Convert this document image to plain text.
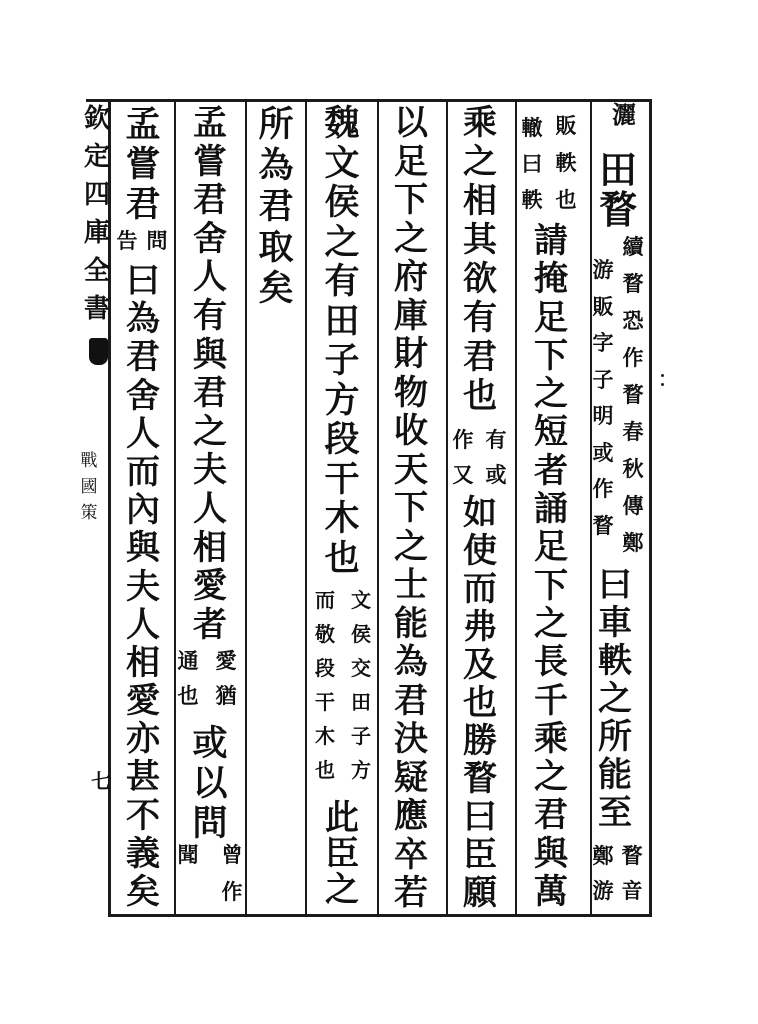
欽
定
四
庫
全
書
戰
國
策
七
灑
田
瞀
續
瞀
恐
作
瞀
春
秋
傳
鄭
游
販
字
子
明
或
作
瞀
曰
車
軼
之
所
能
至
瞀
音
鄭
游
販
軼
也
轍
曰
軼
請
掩
足
下
之
短
者
誦
足
下
之
長
千
乘
之
君
與
萬
乘
之
相
其
欲
有
君
也
有
或
作
又
如
使
而
弗
及
也
勝
瞀
曰
臣
願
以
足
下
之
府
庫
財
物
收
天
下
之
士
能
為
君
決
疑
應
卒
若
魏
文
侯
之
有
田
子
方
段
干
木
也
文
侯
交
田
子
方
而
敬
段
干
木
也
此
臣
之
所
為
君
取
矣
孟
嘗
君
舍
人
有
與
君
之
夫
人
相
愛
者
愛
猶
通
也
或
以
問
曾
作
聞
孟
嘗
君
問
告
曰
為
君
舍
人
而
內
與
夫
人
相
愛
亦
甚
不
義
矣
